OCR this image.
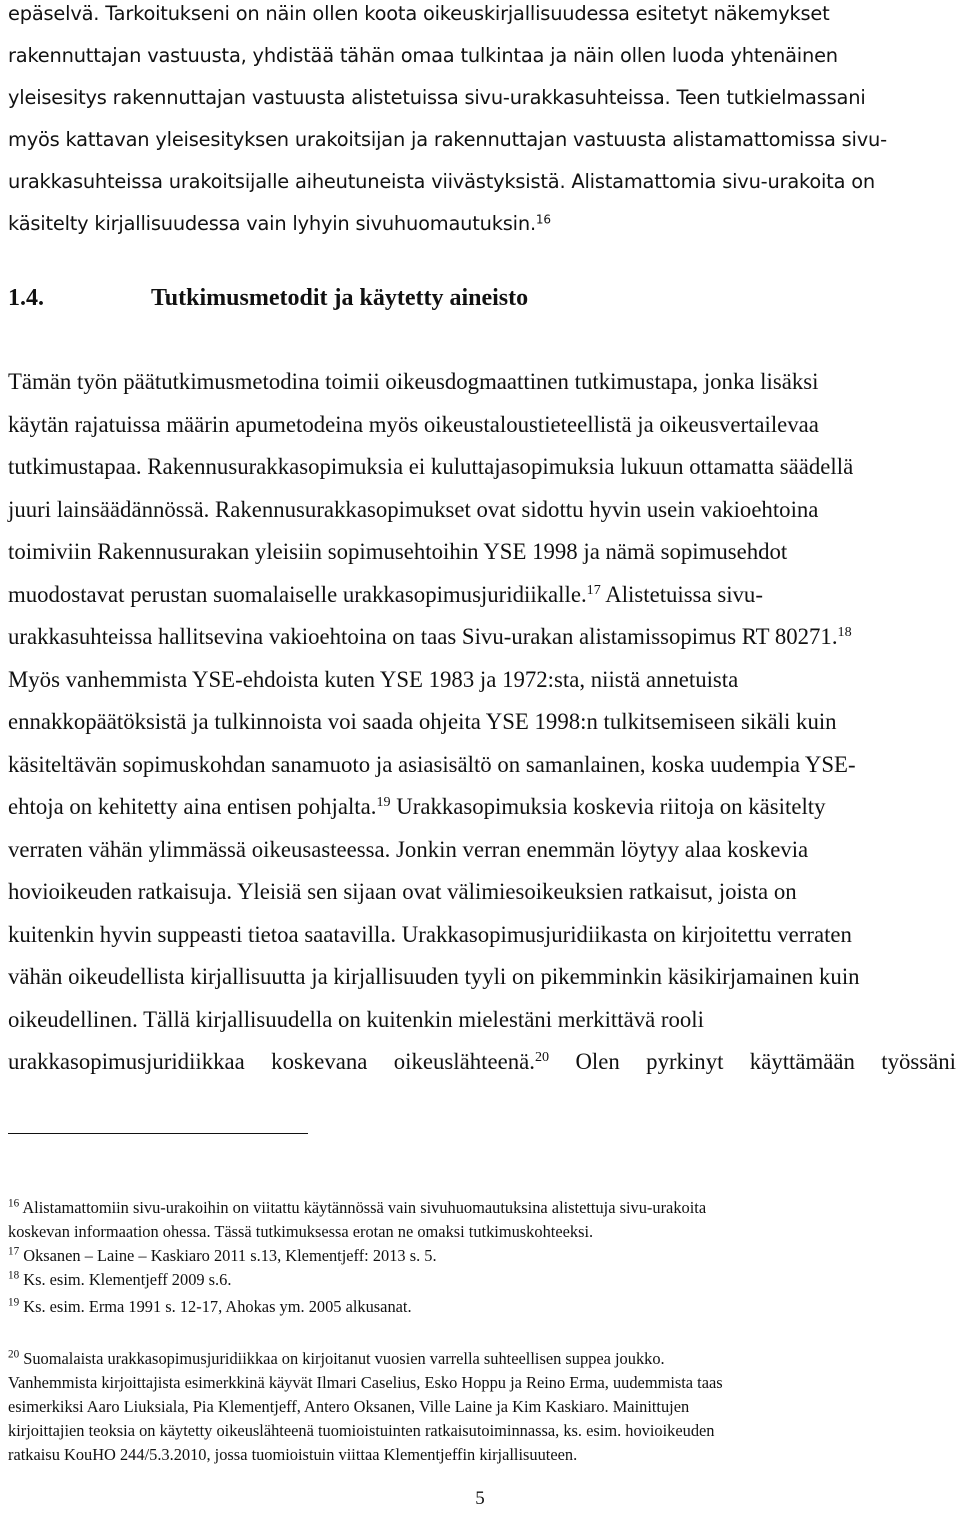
epäselvä. Tarkoitukseni on näin ollen koota oikeuskirjallisuudessa esitetyt näkemykset
rakennuttajan vastuusta, yhdistää tähän omaa tulkintaa ja näin ollen luoda yhtenäinen
yleisesitys rakennuttajan vastuusta alistetuissa sivu-urakkasuhteissa. Teen tutkielmassani
myös kattavan yleisesityksen urakoitsijan ja rakennuttajan vastuusta alistamattomissa sivu-
urakkasuhteissa urakoitsijalle aiheutuneista viivästyksistä. Alistamattomia sivu-urakoita on
käsitelty kirjallisuudessa vain lyhyin sivuhuomautuksin.$^{16}$
1.4.	Tutkimusmetodit ja käytetty aineisto
Tämän työn päätutkimusmetodina toimii oikeusdogmaattinen tutkimustapa, jonka lisäksi
käytän rajatuissa määrin apumetodeina myös oikeustaloustieteellistä ja oikeusvertailevaa
tutkimustapaa. Rakennusurakkasopimuksia ei kuluttajasopimuksia lukuun ottamatta säädellä
juuri lainsäädännössä. Rakennusurakkasopimukset ovat sidottu hyvin usein vakioehtoina
toimiviin Rakennusurakan yleisiin sopimusehtoihin YSE 1998 ja nämä sopimusehdot
muodostavat perustan suomalaiselle urakkasopimusjuridiikalle.$^{17}$ Alistetuissa sivu-
urakkasuhteissa hallitsevina vakioehtoina on taas Sivu-urakan alistamissopimus RT 80271.18
Myös vanhemmista YSE-ehdoista kuten YSE 1983 ja 1972:sta, niistä annetuista
ennakkopäätöksistä ja tulkinnoista voi saada ohjeita YSE 1998:n tulkitsemiseen sikäli kuin
käsiteltävän sopimuskohdan sanamuoto ja asiasisältö on samanlainen, koska uudempia YSE-
ehtoja on kehitetty aina entisen pohjalta.$^{19}$ Urakkasopimuksia koskevia riitoja on käsitelty
verraten vähän ylimmässä oikeusasteessa. Jonkin verran enemmän löytyy alaa koskevia
hovioikeuden ratkaisuja. Yleisiä sen sijaan ovat välimiesoikeuksien ratkaisut, joista on
kuitenkin hyvin suppeasti tietoa saatavilla. Urakkasopimusjuridiikasta on kirjoitettu verraten
vähän oikeudellista kirjallisuutta ja kirjallisuuden tyyli on pikemminkin käsikirjamainen kuin
oikeudellinen. Tällä kirjallisuudella on kuitenkin mielestäni merkittävä rooli
urakkasopimusjuridiikkaa koskevana oikeuslähteenä.$^{20}$ Olen pyrkinyt käyttämään työssäni

$^{16}$ Alistamattomiin sivu-urakoihin on viitattu käytännössä vain sivuhuomautuksina alistettuja sivu-urakoita
koskevan informaation ohessa. Tässä tutkimuksessa erotan ne omaksi tutkimuskohteeksi.

$^{17}$ Oksanen – Laine – Kaskiaro 2011 s.13, Klementjeff: 2013 s. 5.

$^{18}$ Ks. esim. Klementjeff 2009 s.6.

$^{19}$ Ks. esim. Erma 1991 s. 12-17, Ahokas ym. 2005 alkusanat.

$^{20}$ Suomalaista urakkasopimusjuridiikkaa on kirjoitanut vuosien varrella suhteellisen suppea joukko.
Vanhemmista kirjoittajista esimerkkinä käyvät Ilmari Caselius, Esko Hoppu ja Reino Erma, uudemmista taas
esimerkiksi Aaro Liuksiala, Pia Klementjeff, Antero Oksanen, Ville Laine ja Kim Kaskiaro. Mainittujen
kirjoittajien teoksia on käytetty oikeuslähteenä tuomioistuinten ratkaisutoiminnassa, ks. esim. hovioikeuden
ratkaisu KouHO 244/5.3.2010, jossa tuomioistuin viittaa Klementjeffin kirjallisuuteen.

5
